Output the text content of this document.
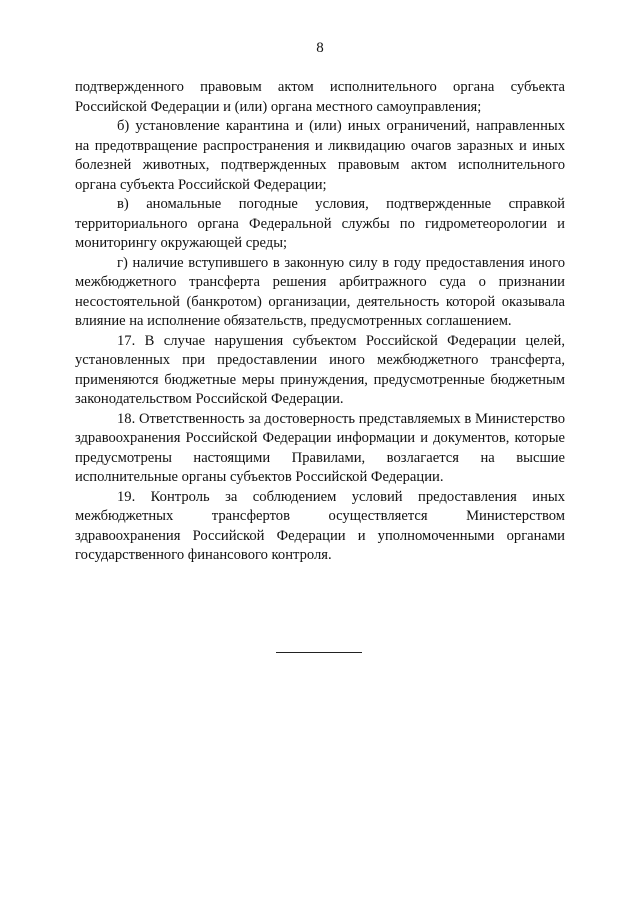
8

подтвержденного правовым актом исполнительного органа субъекта Российской Федерации и (или) органа местного самоуправления;

б) установление карантина и (или) иных ограничений, направленных на предотвращение распространения и ликвидацию очагов заразных и иных болезней животных, подтвержденных правовым актом исполнительного органа субъекта Российской Федерации;

в) аномальные погодные условия, подтвержденные справкой территориального органа Федеральной службы по гидрометеорологии и мониторингу окружающей среды;

г) наличие вступившего в законную силу в году предоставления иного межбюджетного трансферта решения арбитражного суда о признании несостоятельной (банкротом) организации, деятельность которой оказывала влияние на исполнение обязательств, предусмотренных соглашением.

17. В случае нарушения субъектом Российской Федерации целей, установленных при предоставлении иного межбюджетного трансферта, применяются бюджетные меры принуждения, предусмотренные бюджетным законодательством Российской Федерации.

18. Ответственность за достоверность представляемых в Министерство здравоохранения Российской Федерации информации и документов, которые предусмотрены настоящими Правилами, возлагается на высшие исполнительные органы субъектов Российской Федерации.

19. Контроль за соблюдением условий предоставления иных межбюджетных трансфертов осуществляется Министерством здравоохранения Российской Федерации и уполномоченными органами государственного финансового контроля.
